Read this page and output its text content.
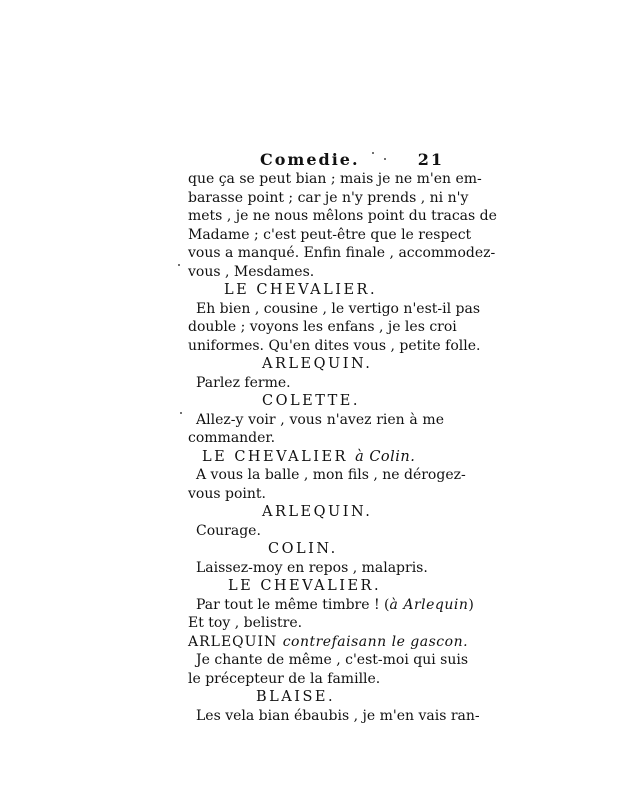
Comedie.	21
que ça se peut bian ; mais je ne m'en em-
barasse point ; car je n'y prends , ni n'y
mets , je ne nous mêlons point du tracas de
Madame ; c'est peut-être que le respect
vous a manqué. Enfin finale , accommodez-
vous , Mesdames.
LE CHEVALIER.
Eh bien , cousine , le vertigo n'est-il pas
double ; voyons les enfans , je les croi
uniformes. Qu'en dites vous , petite folle.
ARLEQUIN.
Parlez ferme.
COLETTE.
Allez-y voir , vous n'avez rien à me
commander.
LE CHEVALIER à Colin.
A vous la balle , mon fils , ne dérogez-
vous point.
ARLEQUIN.
Courage.
COLIN.
Laissez-moy en repos , malapris.
LE CHEVALIER.
Par tout le même timbre ! (à Arlequin)
Et toy , belistre.
ARLEQUIN contrefaisann le gascon.
Je chante de même , c'est-moi qui suis
le précepteur de la famille.
BLAISE.
Les vela bian ébaubis , je m'en vais ran-
